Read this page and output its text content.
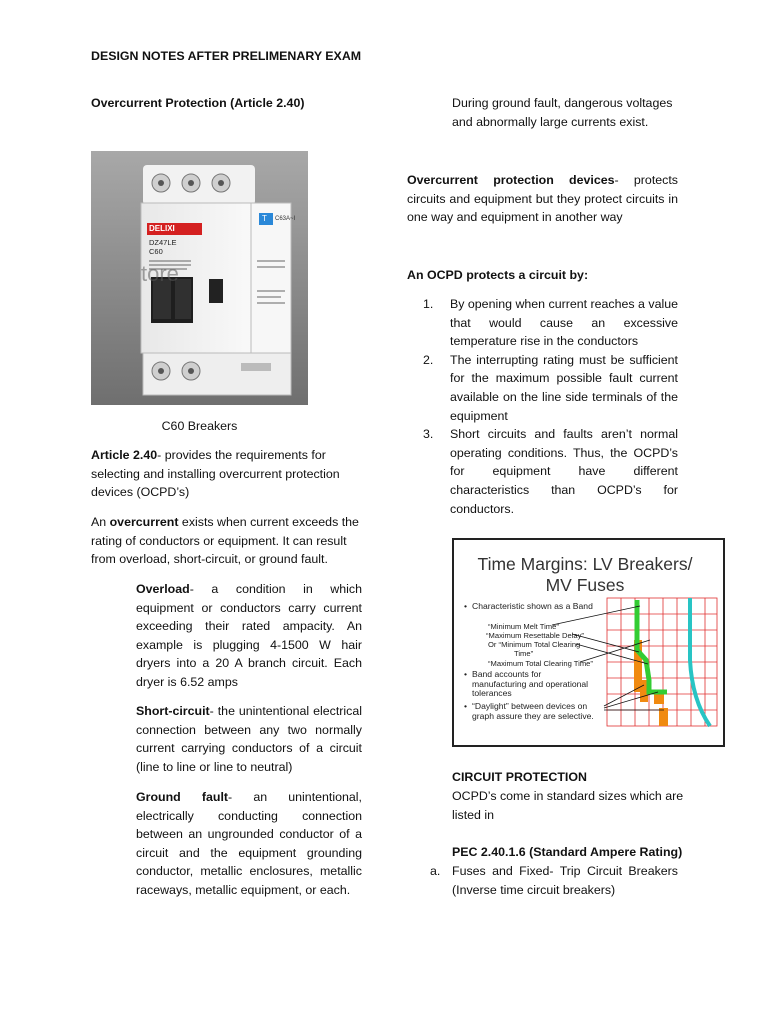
DESIGN NOTES AFTER PRELIMENARY EXAM
Overcurrent Protection (Article 2.40)
DELIXI
DZ47LE
C60
T C63A~I
tore
C60 Breakers
Article 2.40- provides the requirements for selecting and installing overcurrent protection devices (OCPD’s)
An overcurrent exists when current exceeds the rating of conductors or equipment. It can result from overload, short-circuit, or ground fault.
Overload- a condition in which equipment or conductors carry current exceeding their rated ampacity. An example is plugging 4-1500 W hair dryers into a 20 A branch circuit. Each dryer is 6.52 amps
Short-circuit- the unintentional electrical connection between any two normally current carrying conductors of a circuit (line to line or line to neutral)
Ground fault- an unintentional, electrically conducting connection between an ungrounded conductor of a circuit and the equipment grounding conductor, metallic enclosures, metallic raceways, metallic equipment, or each.
During ground fault, dangerous voltages and abnormally large currents exist.
Overcurrent protection devices- protects circuits and equipment but they protect circuits in one way and equipment in another way
An OCPD protects a circuit by:
1.	By opening when current reaches a value that would cause an excessive temperature rise in the conductors
2.	The interrupting rating must be sufficient for the maximum possible fault current available on the line side terminals of the equipment
3.	Short circuits and faults aren’t normal operating conditions. Thus, the OCPD’s for equipment have different characteristics than OCPD’s for conductors.
Time Margins: LV Breakers/
MV Fuses
• Characteristic shown as a Band
“Minimum Melt Time”
“Maximum Resettable Delay”
Or “Minimum Total Clearing
Time”
“Maximum Total Clearing Time”
• Band accounts for manufacturing and operational tolerances
• “Daylight” between devices on graph assure they are selective.
CIRCUIT PROTECTION
OCPD’s come in standard sizes which are listed in
PEC 2.40.1.6 (Standard Ampere Rating)
a. Fuses and Fixed- Trip Circuit Breakers (Inverse time circuit breakers)
